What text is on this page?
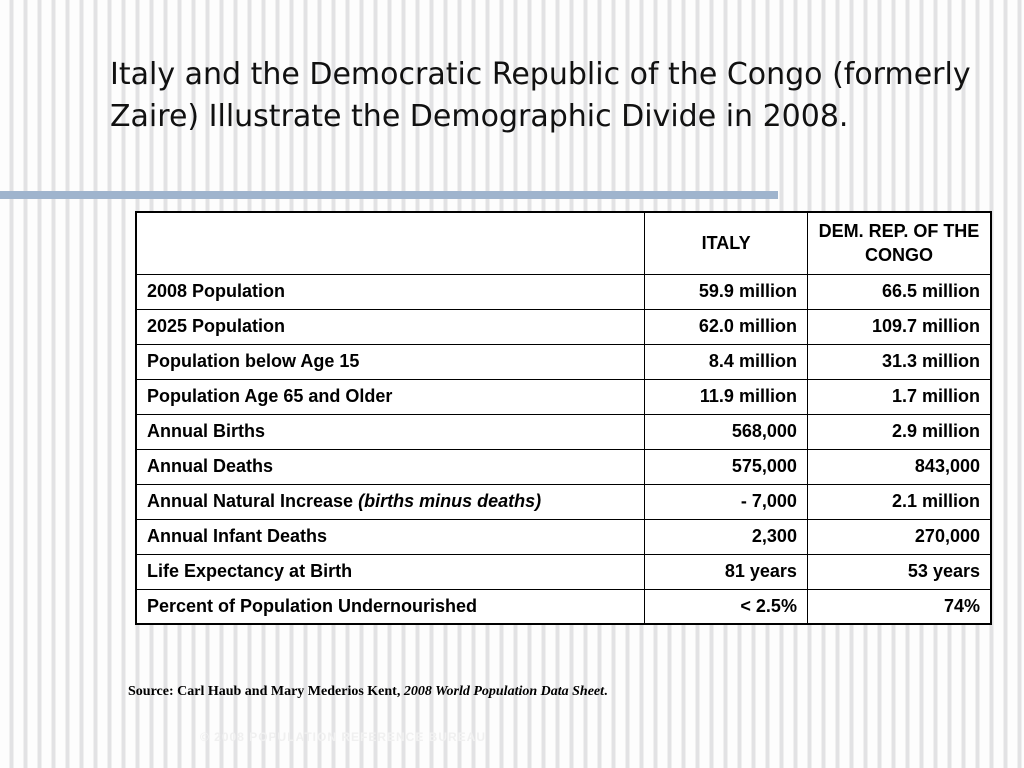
Italy and the Democratic Republic of the Congo (formerly Zaire) Illustrate the Demographic Divide in 2008.
	ITALY	DEM. REP. OF THE CONGO
2008 Population	59.9 million	66.5 million
2025 Population	62.0 million	109.7 million
Population below Age 15	8.4 million	31.3 million
Population Age 65 and Older	11.9 million	1.7 million
Annual Births	568,000	2.9 million
Annual Deaths	575,000	843,000
Annual Natural Increase (births minus deaths)	- 7,000	2.1 million
Annual Infant Deaths	2,300	270,000
Life Expectancy at Birth	81 years	53 years
Percent of Population Undernourished	< 2.5%	74%

Source: Carl Haub and Mary Mederios Kent, 2008 World Population Data Sheet.

© 2008 POPULATION REFERENCE BUREAU
